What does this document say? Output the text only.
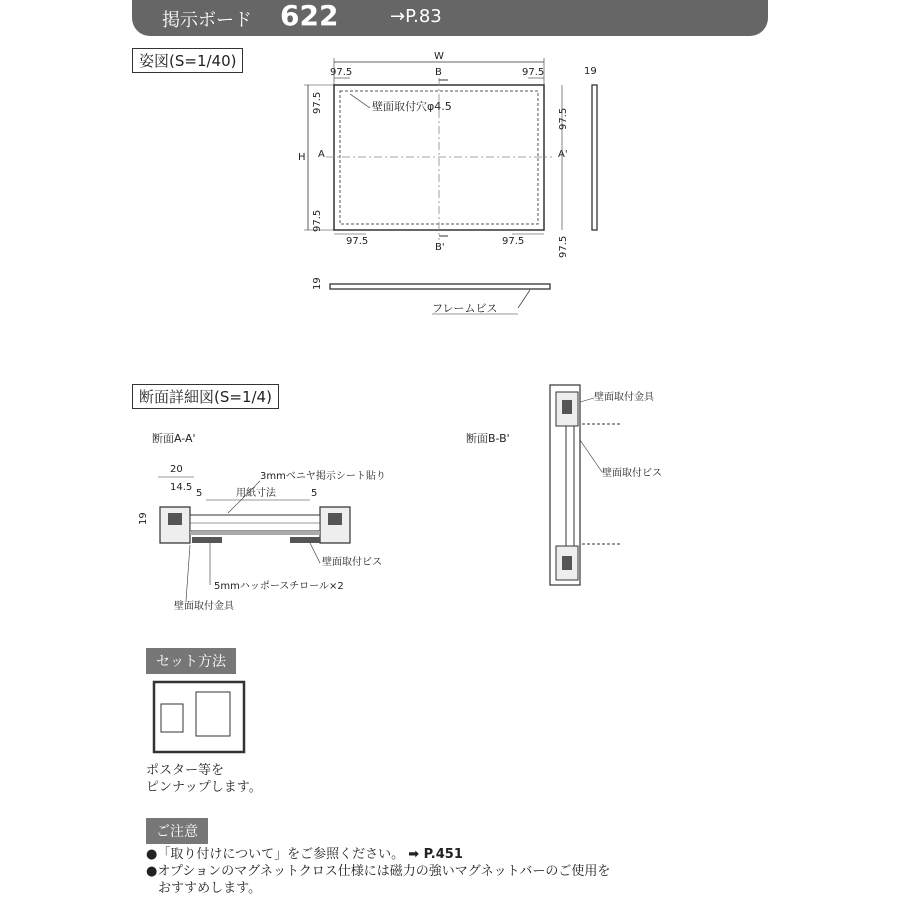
掲示ボード 622	→P.83
姿図(S=1/40)	W
97.5	97.5
B
B'
H
97.5
97.5
A	A'
97.5
97.5
97.5	97.5
壁面取付穴φ4.5
19
19
フレームビス
断面詳細図(S=1/4)
断面A-A'	断面B-B'
20
14.5
5	5
用紙寸法
3mmベニヤ掲示シート貼り
19
壁面取付ビス
5mmハッポースチロール×2
壁面取付金具
壁面取付金具
壁面取付ビス
セット方法
ポスター等を
ピンナップします。
ご注意
●「取り付けについて」をご参照ください。 ➡ P.451
●オプションのマグネットクロス仕様には磁力の強いマグネットバーのご使用を
おすすめします。
